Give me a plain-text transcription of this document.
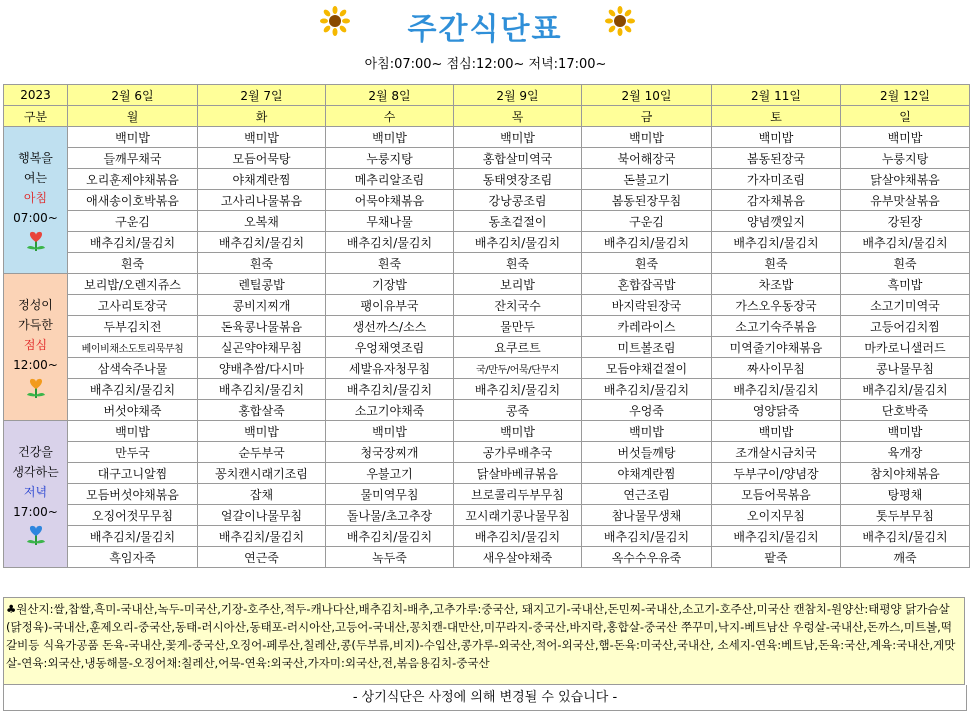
주간식단표
아침:07:00~ 점심:12:00~ 저녁:17:00~
2023	2월 6일	2월 7일	2월 8일	2월 9일	2월 10일	2월 11일	2월 12일
구분	월	화	수	목	금	토	일

행복을
여는
아침
07:00~	백미밥	백미밥	백미밥	백미밥	백미밥	백미밥	백미밥
	들깨무채국	모듬어묵탕	누룽지탕	홍합살미역국	북어해장국	봄동된장국	누룽지탕
	오리훈제야채볶음	야채계란찜	메추리알조림	동태엿장조림	돈불고기	가자미조림	닭살야채볶음
	애새송이호박볶음	고사리나물볶음	어묵야채볶음	강낭콩조림	봄동된장무침	감자채볶음	유부맛살볶음
	구운김	오복채	무채나물	동초겉절이	구운김	양념깻잎지	강된장
	배추김치/물김치	배추김치/물김치	배추김치/물김치	배추김치/물김치	배추김치/물김치	배추김치/물김치	배추김치/물김치
	흰죽	흰죽	흰죽	흰죽	흰죽	흰죽	흰죽

정성이
가득한
점심
12:00~	보리밥/오렌지쥬스	렌틸콩밥	기장밥	보리밥	혼합잡곡밥	차조밥	흑미밥
	고사리토장국	콩비지찌개	팽이유부국	잔치국수	바지락된장국	가스오우동장국	소고기미역국
	두부김치전	돈육콩나물볶음	생선까스/소스	물만두	카레라이스	소고기숙주볶음	고등어김치찜
	베이비채소도토리묵무침	실곤약야채무침	우엉채엿조림	요쿠르트	미트볼조림	미역줄기야채볶음	마카로니샐러드
	삼색숙주나물	양배추쌈/다시마	세발유자청무침	국/만두/어묵/단무지	모듬야채겉절이	짜사이무침	콩나물무침
	배추김치/물김치	배추김치/물김치	배추김치/물김치	배추김치/물김치	배추김치/물김치	배추김치/물김치	배추김치/물김치
	버섯야채죽	홍합살죽	소고기야채죽	콩죽	우엉죽	영양닭죽	단호박죽

건강을
생각하는
저녁
17:00~	백미밥	백미밥	백미밥	백미밥	백미밥	백미밥	백미밥
	만두국	순두부국	청국장찌개	공가루배추국	버섯들깨탕	조개살시금치국	육개장
	대구고니알찜	꽁치캔시래기조림	우불고기	닭살바베큐볶음	야채계란찜	두부구이/양념장	참치야채볶음
	모듬버섯야채볶음	잡채	물미역무침	브로콜리두부무침	연근조림	모듬어묵볶음	탕평채
	오징어젓무무침	얼갈이나물무침	돌나물/초고추장	꼬시래기콩나물무침	참나물무생채	오이지무침	톳두부무침
	배추김치/물김치	배추김치/물김치	배추김치/물김치	배추김치/물김치	배추김치/물김치	배추김치/물김치	배추김치/물김치
	흑임자죽	연근죽	녹두죽	새우살야채죽	옥수수우유죽	팥죽	깨죽
♣원산지:쌀,찹쌀,흑미-국내산,녹두-미국산,기장-호주산,적두-캐나다산,배추김치-배추,고추가루:중국산, 돼지고기-국내산,돈민찌-국내산,소고기-호주산,미국산 캔참치-원양산:태평양 닭가슴살(닭정육)-국내산,훈제오리-중국산,동태-러시아산,동태포-러시아산,고등어-국내산,꽁치캔-대만산,미꾸라지-중국산,바지락,홍합살-중국산 쭈꾸미,낙지-베트남산 우렁살-국내산,돈까스,미트볼,떡갈비등 식육가공품 돈육-국내산,꽃게-중국산,오징어-페루산,칠레산,콩(두부류,비지)-수입산,콩가루-외국산,적어-외국산,햄-돈육:미국산,국내산, 소세지-연육:베트남,돈육:국산,계육:국내산,게맛살-연육:외국산,냉동해물-오징어채:칠레산,어묵-연육:외국산,가자미:외국산,전,볶음용김치-중국산
- 상기식단은 사정에 의해 변경될 수 있습니다 -
